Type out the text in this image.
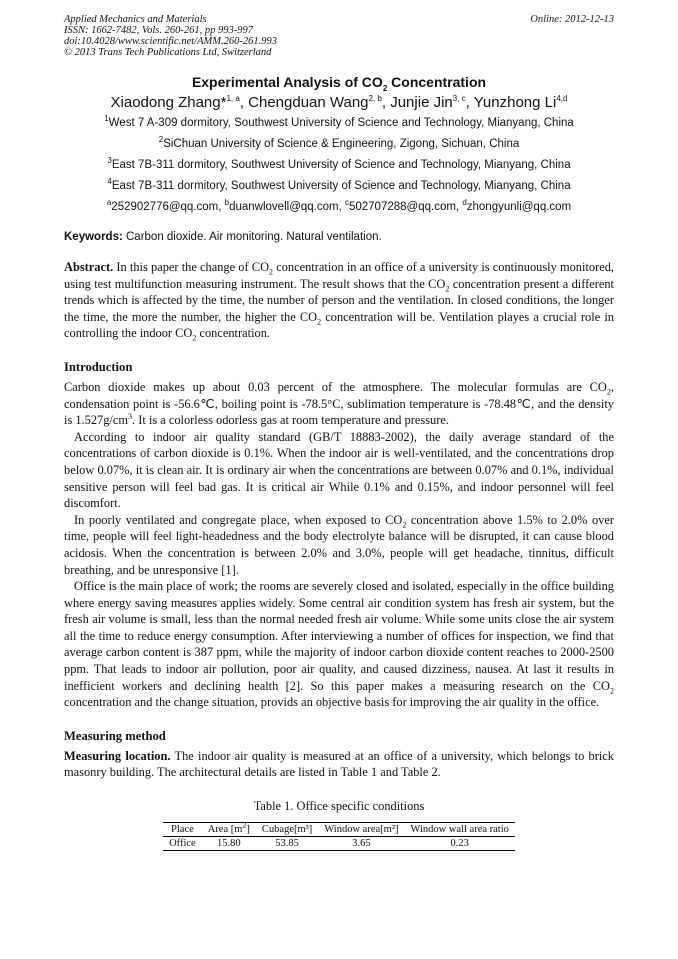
Applied Mechanics and Materials
ISSN: 1662-7482, Vols. 260-261, pp 993-997
doi:10.4028/www.scientific.net/AMM.260-261.993
© 2013 Trans Tech Publications Ltd, Switzerland
Online: 2012-12-13
Experimental Analysis of $CO_2$ Concentration
Xiaodong Zhang*$^{1, a}$, Chengduan Wang$^{2, b}$, Junjie Jin$^{3, c}$, Yunzhong Li$^{4,d}$
$^1$West 7 A-309 dormitory, Southwest University of Science and Technology, Mianyang, China
$^2$SiChuan University of Science & Engineering, Zigong, Sichuan, China
$^3$East 7B-311 dormitory, Southwest University of Science and Technology, Mianyang, China
$^4$East 7B-311 dormitory, Southwest University of Science and Technology, Mianyang, China
$^a$252902776@qq.com, $^b$duanwlovell@qq.com, $^c$502707288@qq.com, $^d$zhongyunli@qq.com
Keywords: Carbon dioxide. Air monitoring. Natural ventilation.
Abstract. In this paper the change of $CO_2$ concentration in an office of a university is continuously monitored, using test multifunction measuring instrument. The result shows that the $CO_2$ concentration present a different trends which is affected by the time, the number of person and the ventilation. In closed conditions, the longer the time, the more the number, the higher the $CO_2$ concentration will be. Ventilation playes a crucial role in controlling the indoor $CO_2$ concentration.
Introduction

Carbon dioxide makes up about 0.03 percent of the atmosphere. The molecular formulas are $CO_2$, condensation point is -56.6℃, boiling point is -78.5°C, sublimation temperature is -78.48℃, and the density is $1.527g/cm^3$. It is a colorless odorless gas at room temperature and pressure.

According to indoor air quality standard (GB/T 18883-2002), the daily average standard of the concentrations of carbon dioxide is 0.1%. When the indoor air is well-ventilated, and the concentrations drop below 0.07%, it is clean air. It is ordinary air when the concentrations are between 0.07% and 0.1%, individual sensitive person will feel bad gas. It is critical air While 0.1% and 0.15%, and indoor personnel will feel discomfort.

In poorly ventilated and congregate place, when exposed to $CO_2$ concentration above 1.5% to 2.0% over time, people will feel light-headedness and the body electrolyte balance will be disrupted, it can cause blood acidosis. When the concentration is between 2.0% and 3.0%, people will get headache, tinnitus, difficult breathing, and be unresponsive [1].

Office is the main place of work; the rooms are severely closed and isolated, especially in the office building where energy saving measures applies widely. Some central air condition system has fresh air system, but the fresh air volume is small, less than the normal needed fresh air volume. While some units close the air system all the time to reduce energy consumption. After interviewing a number of offices for inspection, we find that average carbon content is 387 ppm, while the majority of indoor carbon dioxide content reaches to 2000-2500 ppm. That leads to indoor air pollution, poor air quality, and caused dizziness, nausea. At last it results in inefficient workers and declining health [2]. So this paper makes a measuring research on the $CO_2$ concentration and the change situation, provids an objective basis for improving the air quality in the office.

Measuring method
Measuring location. The indoor air quality is measured at an office of a university, which belongs to brick masonry building. The architectural details are listed in Table 1 and Table 2.
Table 1. Office specific conditions
Place	Area $[m^2]$	Cubage[m³]	Window area[m²]	Window wall area ratio
Office	15.80	53.85	3.65	0.23
